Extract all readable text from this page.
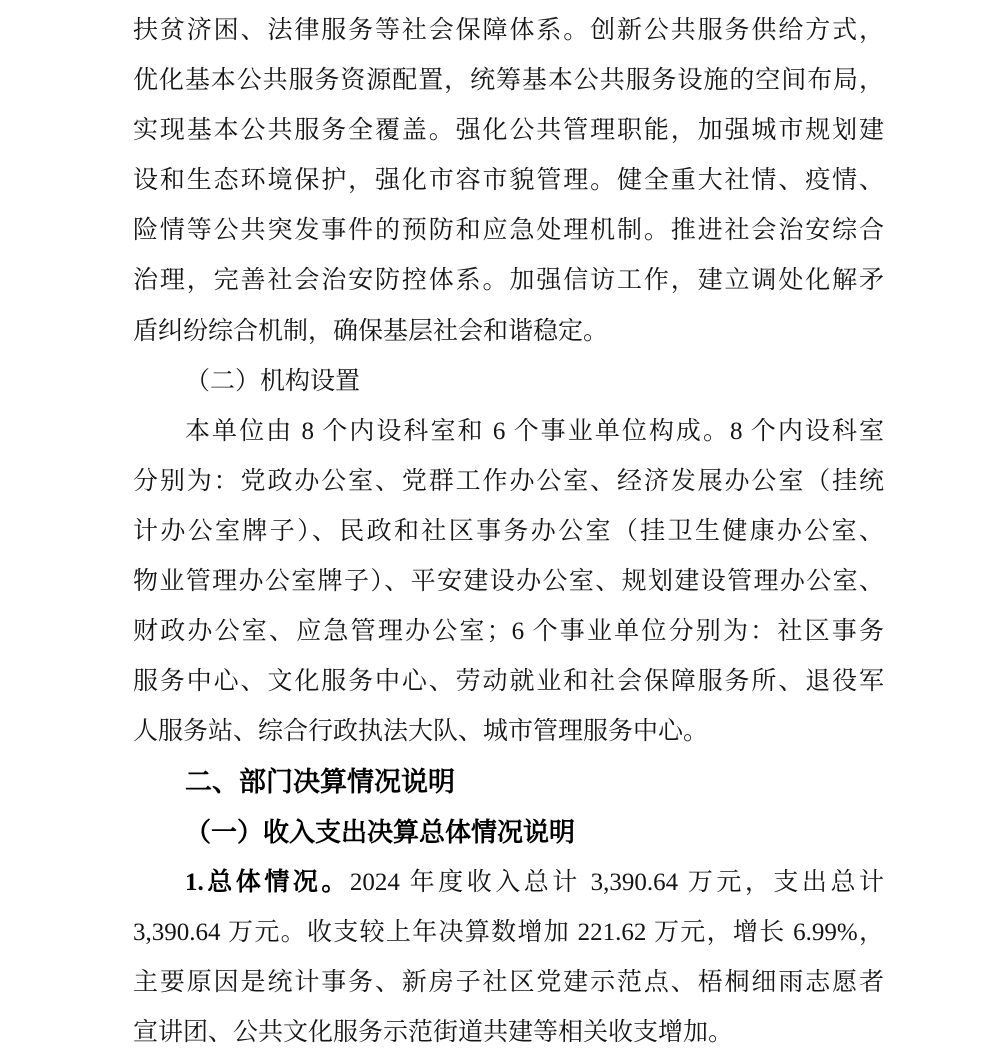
扶贫济困、法律服务等社会保障体系。创新公共服务供给方式，
优化基本公共服务资源配置，统筹基本公共服务设施的空间布局，
实现基本公共服务全覆盖。强化公共管理职能，加强城市规划建
设和生态环境保护，强化市容市貌管理。健全重大社情、疫情、
险情等公共突发事件的预防和应急处理机制。推进社会治安综合
治理，完善社会治安防控体系。加强信访工作，建立调处化解矛
盾纠纷综合机制，确保基层社会和谐稳定。
（二）机构设置
本单位由 8 个内设科室和 6 个事业单位构成。8 个内设科室
分别为：党政办公室、党群工作办公室、经济发展办公室（挂统
计办公室牌子）、民政和社区事务办公室（挂卫生健康办公室、
物业管理办公室牌子）、平安建设办公室、规划建设管理办公室、
财政办公室、应急管理办公室；6 个事业单位分别为：社区事务
服务中心、文化服务中心、劳动就业和社会保障服务所、退役军
人服务站、综合行政执法大队、城市管理服务中心。
二、部门决算情况说明
（一）收入支出决算总体情况说明
1.总体情况。2024 年度收入总计 3,390.64 万元，支出总计
3,390.64 万元。收支较上年决算数增加 221.62 万元，增长 6.99%，
主要原因是统计事务、新房子社区党建示范点、梧桐细雨志愿者
宣讲团、公共文化服务示范街道共建等相关收支增加。
